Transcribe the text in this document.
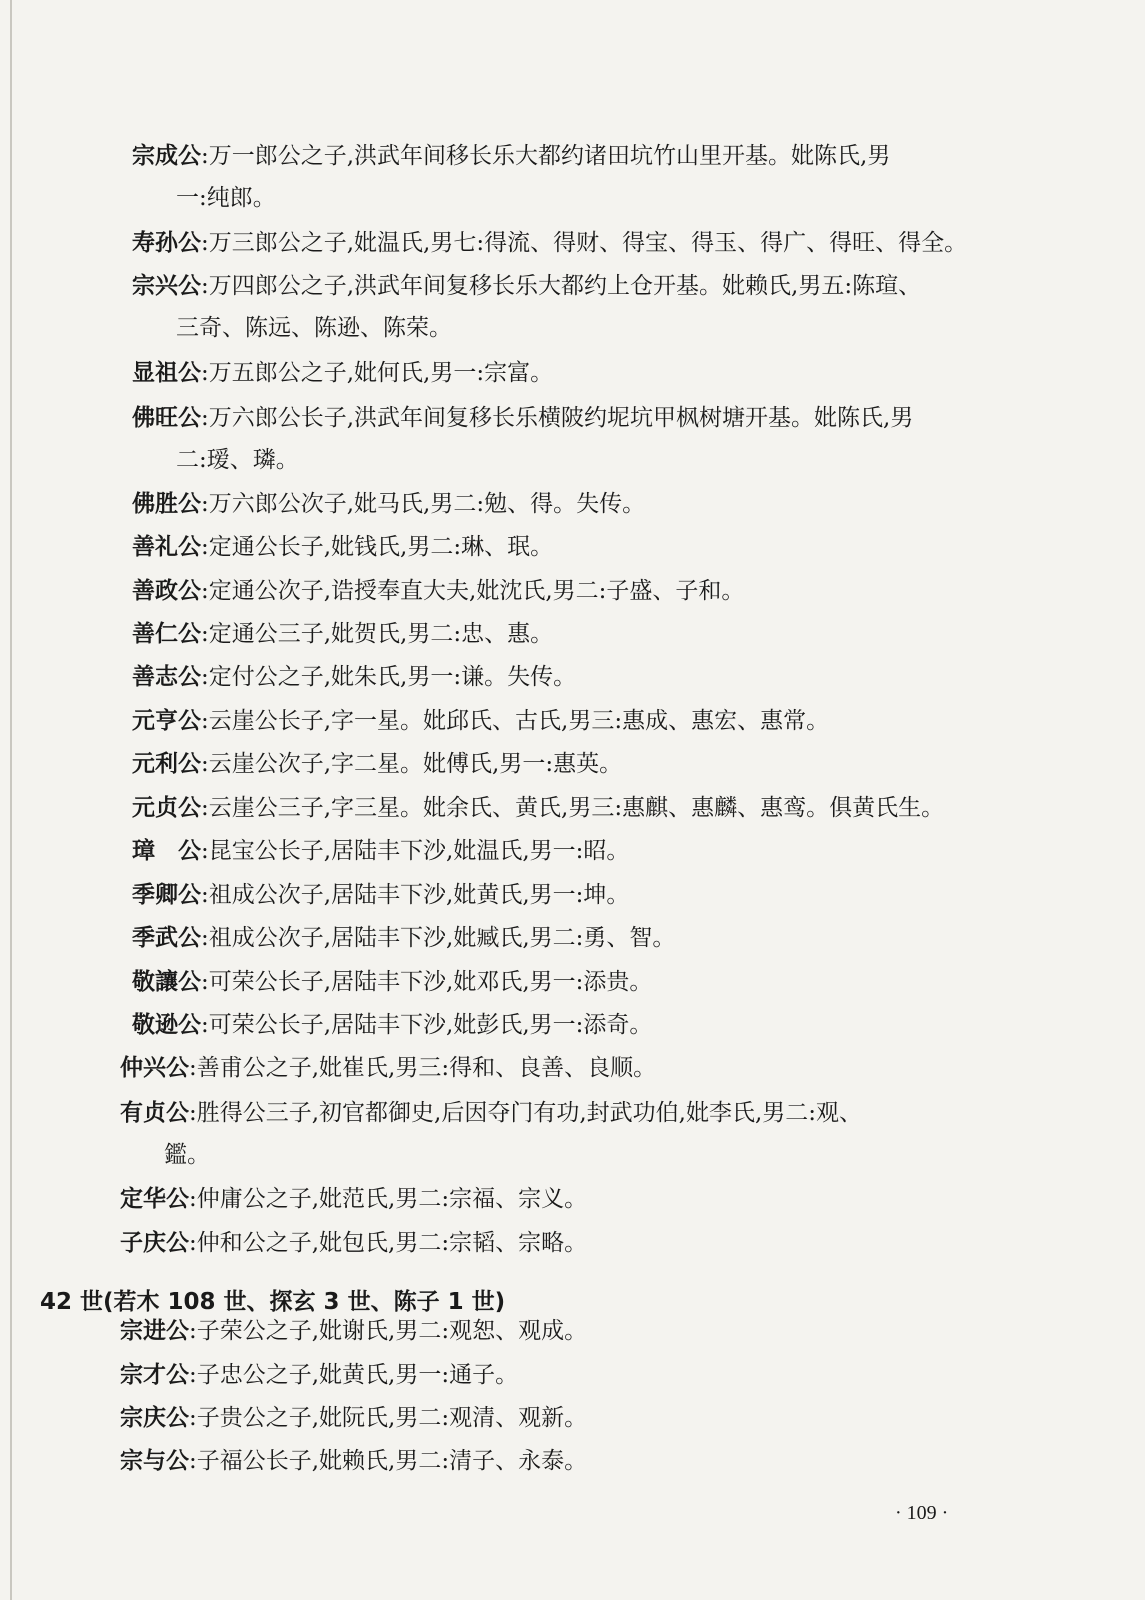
宗成公:万一郎公之子,洪武年间移长乐大都约诸田坑竹山里开基。妣陈氏,男
一:纯郎。
寿孙公:万三郎公之子,妣温氏,男七:得流、得财、得宝、得玉、得广、得旺、得全。
宗兴公:万四郎公之子,洪武年间复移长乐大都约上仓开基。妣赖氏,男五:陈瑄、
三奇、陈远、陈逊、陈荣。
显祖公:万五郎公之子,妣何氏,男一:宗富。
佛旺公:万六郎公长子,洪武年间复移长乐横陂约坭坑甲枫树塘开基。妣陈氏,男
二:瑷、璘。
佛胜公:万六郎公次子,妣马氏,男二:勉、得。失传。
善礼公:定通公长子,妣钱氏,男二:琳、珉。
善政公:定通公次子,诰授奉直大夫,妣沈氏,男二:子盛、子和。
善仁公:定通公三子,妣贺氏,男二:忠、惠。
善志公:定付公之子,妣朱氏,男一:谦。失传。
元亨公:云崖公长子,字一星。妣邱氏、古氏,男三:惠成、惠宏、惠常。
元利公:云崖公次子,字二星。妣傅氏,男一:惠英。
元贞公:云崖公三子,字三星。妣余氏、黄氏,男三:惠麒、惠麟、惠鸾。俱黄氏生。
璋　公:昆宝公长子,居陆丰下沙,妣温氏,男一:昭。
季卿公:祖成公次子,居陆丰下沙,妣黄氏,男一:坤。
季武公:祖成公次子,居陆丰下沙,妣臧氏,男二:勇、智。
敬讓公:可荣公长子,居陆丰下沙,妣邓氏,男一:添贵。
敬逊公:可荣公长子,居陆丰下沙,妣彭氏,男一:添奇。
仲兴公:善甫公之子,妣崔氏,男三:得和、良善、良顺。
有贞公:胜得公三子,初官都御史,后因夺门有功,封武功伯,妣李氏,男二:观、
鑑。
定华公:仲庸公之子,妣范氏,男二:宗福、宗义。
子庆公:仲和公之子,妣包氏,男二:宗韬、宗略。
42 世(若木 108 世、探玄 3 世、陈子 1 世)
宗进公:子荣公之子,妣谢氏,男二:观恕、观成。
宗才公:子忠公之子,妣黄氏,男一:通子。
宗庆公:子贵公之子,妣阮氏,男二:观清、观新。
宗与公:子福公长子,妣赖氏,男二:清子、永泰。
· 109 ·
